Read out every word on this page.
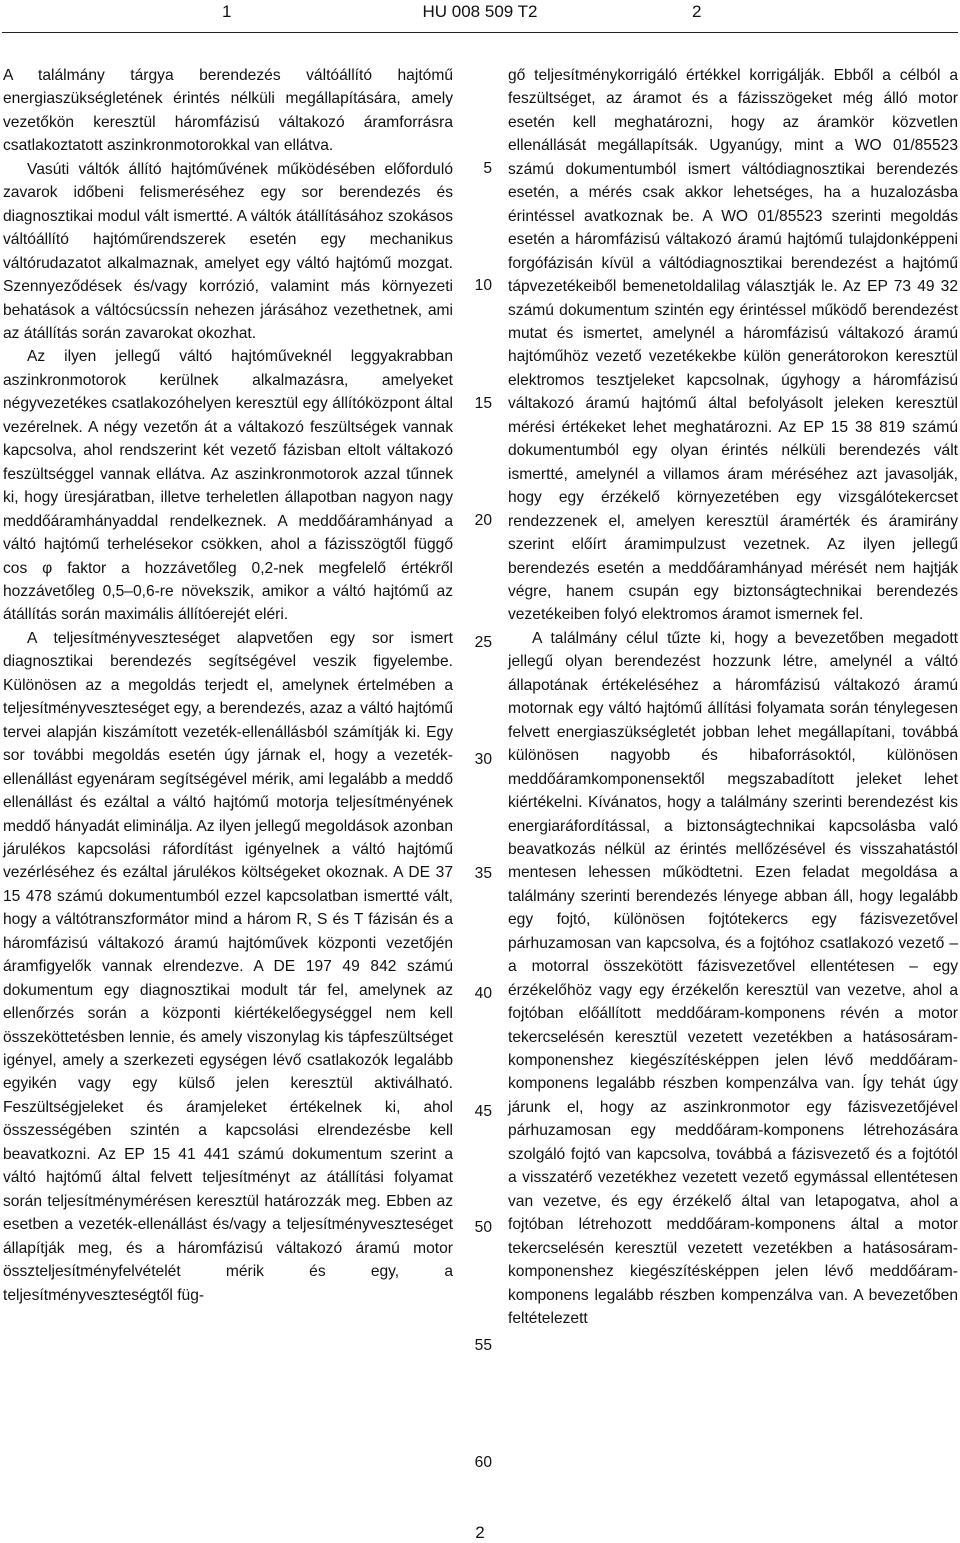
1	HU 008 509 T2	2

A találmány tárgya berendezés váltóállító hajtómű energiaszükségletének érintés nélküli megállapítására, amely vezetőkön keresztül háromfázisú váltakozó áramforrásra csatlakoztatott aszinkronmotorokkal van ellátva.

Vasúti váltók állító hajtóművének működésében előforduló zavarok időbeni felismeréséhez egy sor berendezés és diagnosztikai modul vált ismertté. A váltók átállításához szokásos váltóállító hajtóműrendszerek esetén egy mechanikus váltórudazatot alkalmaznak, amelyet egy váltó hajtómű mozgat. Szennyeződések és/vagy korrózió, valamint más környezeti behatások a váltócsúcssín nehezen járásához vezethetnek, ami az átállítás során zavarokat okozhat.

Az ilyen jellegű váltó hajtóműveknél leggyakrabban aszinkronmotorok kerülnek alkalmazásra, amelyeket négyvezetékes csatlakozóhelyen keresztül egy állítóközpont által vezérelnek. A négy vezetőn át a váltakozó feszültségek vannak kapcsolva, ahol rendszerint két vezető fázisban eltolt váltakozó feszültséggel vannak ellátva. Az aszinkronmotorok azzal tűnnek ki, hogy üresjáratban, illetve terheletlen állapotban nagyon nagy meddőáramhányaddal rendelkeznek. A meddőáramhányad a váltó hajtómű terhelésekor csökken, ahol a fázisszögtől függő cos φ faktor a hozzávetőleg 0,2-nek megfelelő értékről hozzávetőleg 0,5–0,6-re növekszik, amikor a váltó hajtómű az átállítás során maximális állítóerejét eléri.

A teljesítményveszteséget alapvetően egy sor ismert diagnosztikai berendezés segítségével veszik figyelembe. Különösen az a megoldás terjedt el, amelynek értelmében a teljesítményveszteséget egy, a berendezés, azaz a váltó hajtómű tervei alapján kiszámított vezeték-ellenállásból számítják ki. Egy sor további megoldás esetén úgy járnak el, hogy a vezeték-ellenállást egyenáram segítségével mérik, ami legalább a meddő ellenállást és ezáltal a váltó hajtómű motorja teljesítményének meddő hányadát eliminálja. Az ilyen jellegű megoldások azonban járulékos kapcsolási ráfordítást igényelnek a váltó hajtómű vezérléséhez és ezáltal járulékos költségeket okoznak. A DE 37 15 478 számú dokumentumból ezzel kapcsolatban ismertté vált, hogy a váltótranszformátor mind a három R, S és T fázisán és a háromfázisú váltakozó áramú hajtóművek központi vezetőjén áramfigyelők vannak elrendezve. A DE 197 49 842 számú dokumentum egy diagnosztikai modult tár fel, amelynek az ellenőrzés során a központi kiértékelőegységgel nem kell összeköttetésben lennie, és amely viszonylag kis tápfeszültséget igényel, amely a szerkezeti egységen lévő csatlakozók legalább egyikén vagy egy külső jelen keresztül aktiválható. Feszültségjeleket és áramjeleket értékelnek ki, ahol összességében szintén a kapcsolási elrendezésbe kell beavatkozni. Az EP 15 41 441 számú dokumentum szerint a váltó hajtómű által felvett teljesítményt az átállítási folyamat során teljesítménymérésen keresztül határozzák meg. Ebben az esetben a vezeték-ellenállást és/vagy a teljesítményveszteséget állapítják meg, és a háromfázisú váltakozó áramú motor összteljesítményfelvételét mérik és egy, a teljesítményveszteségtől füg-

5
10
15
20
25
30
35
40
45
50
55
60

gő teljesítménykorrigáló értékkel korrigálják. Ebből a célból a feszültséget, az áramot és a fázisszögeket még álló motor esetén kell meghatározni, hogy az áramkör közvetlen ellenállását megállapítsák. Ugyanúgy, mint a WO 01/85523 számú dokumentumból ismert váltódiagnosztikai berendezés esetén, a mérés csak akkor lehetséges, ha a huzalozásba érintéssel avatkoznak be. A WO 01/85523 szerinti megoldás esetén a háromfázisú váltakozó áramú hajtómű tulajdonképpeni forgófázisán kívül a váltódiagnosztikai berendezést a hajtómű tápvezetékeiből bemenetoldalilag választják le. Az EP 73 49 32 számú dokumentum szintén egy érintéssel működő berendezést mutat és ismertet, amelynél a háromfázisú váltakozó áramú hajtóműhöz vezető vezetékekbe külön generátorokon keresztül elektromos tesztjeleket kapcsolnak, úgyhogy a háromfázisú váltakozó áramú hajtómű által befolyásolt jeleken keresztül mérési értékeket lehet meghatározni. Az EP 15 38 819 számú dokumentumból egy olyan érintés nélküli berendezés vált ismertté, amelynél a villamos áram méréséhez azt javasolják, hogy egy érzékelő környezetében egy vizsgálótekercset rendezzenek el, amelyen keresztül áramérték és áramirány szerint előírt áramimpulzust vezetnek. Az ilyen jellegű berendezés esetén a meddőáramhányad mérését nem hajtják végre, hanem csupán egy biztonságtechnikai berendezés vezetékeiben folyó elektromos áramot ismernek fel.

A találmány célul tűzte ki, hogy a bevezetőben megadott jellegű olyan berendezést hozzunk létre, amelynél a váltó állapotának értékeléséhez a háromfázisú váltakozó áramú motornak egy váltó hajtómű állítási folyamata során ténylegesen felvett energiaszükségletét jobban lehet megállapítani, továbbá különösen nagyobb és hibaforrásoktól, különösen meddőáramkomponensektől megszabadított jeleket lehet kiértékelni. Kívánatos, hogy a találmány szerinti berendezést kis energiaráfordítással, a biztonságtechnikai kapcsolásba való beavatkozás nélkül az érintés mellőzésével és visszahatástól mentesen lehessen működtetni. Ezen feladat megoldása a találmány szerinti berendezés lényege abban áll, hogy legalább egy fojtó, különösen fojtótekercs egy fázisvezetővel párhuzamosan van kapcsolva, és a fojtóhoz csatlakozó vezető – a motorral összekötött fázisvezetővel ellentétesen – egy érzékelőhöz vagy egy érzékelőn keresztül van vezetve, ahol a fojtóban előállított meddőáram-komponens révén a motor tekercselésén keresztül vezetett vezetékben a hatásosáram-komponenshez kiegészítésképpen jelen lévő meddőáram-komponens legalább részben kompenzálva van. Így tehát úgy járunk el, hogy az aszinkronmotor egy fázisvezetőjével párhuzamosan egy meddőáram-komponens létrehozására szolgáló fojtó van kapcsolva, továbbá a fázisvezető és a fojtótól a visszatérő vezetékhez vezetett vezető egymással ellentétesen van vezetve, és egy érzékelő által van letapogatva, ahol a fojtóban létrehozott meddőáram-komponens által a motor tekercselésén keresztül vezetett vezetékben a hatásosáram-komponenshez kiegészítésképpen jelen lévő meddőáram-komponens legalább részben kompenzálva van. A bevezetőben feltételezett

2
